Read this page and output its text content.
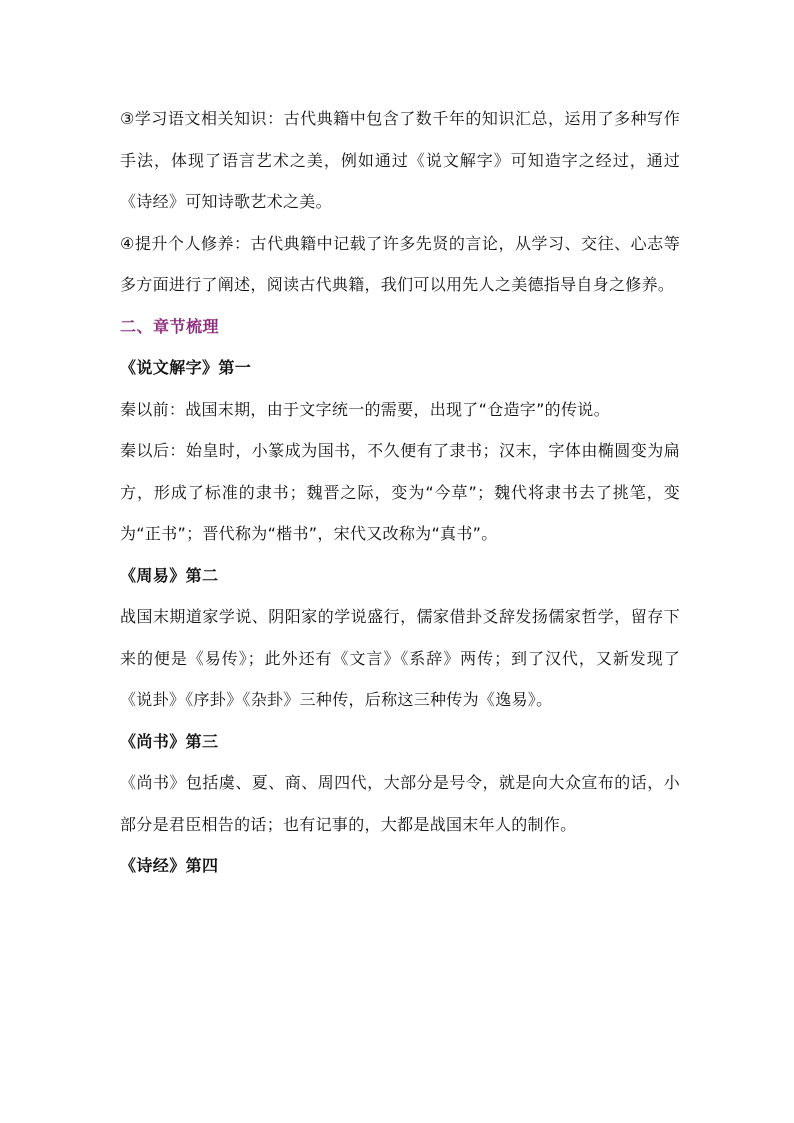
③学习语文相关知识：古代典籍中包含了数千年的知识汇总，运用了多种写作手法，体现了语言艺术之美，例如通过《说文解字》可知造字之经过，通过《诗经》可知诗歌艺术之美。

④提升个人修养：古代典籍中记载了许多先贤的言论，从学习、交往、心志等多方面进行了阐述，阅读古代典籍，我们可以用先人之美德指导自身之修养。

二、章节梳理
《说文解字》第一

秦以前：战国末期，由于文字统一的需要，出现了“仓造字”的传说。

秦以后：始皇时，小篆成为国书，不久便有了隶书；汉末，字体由椭圆变为扁方，形成了标准的隶书；魏晋之际，变为“今草”；魏代将隶书去了挑笔，变为“正书”；晋代称为“楷书”，宋代又改称为“真书”。

《周易》第二

战国末期道家学说、阴阳家的学说盛行，儒家借卦爻辞发扬儒家哲学，留存下来的便是《易传》；此外还有《文言》《系辞》两传；到了汉代，又新发现了《说卦》《序卦》《杂卦》三种传，后称这三种传为《逸易》。

《尚书》第三

《尚书》包括虞、夏、商、周四代，大部分是号令，就是向大众宣布的话，小部分是君臣相告的话；也有记事的，大都是战国末年人的制作。

《诗经》第四
